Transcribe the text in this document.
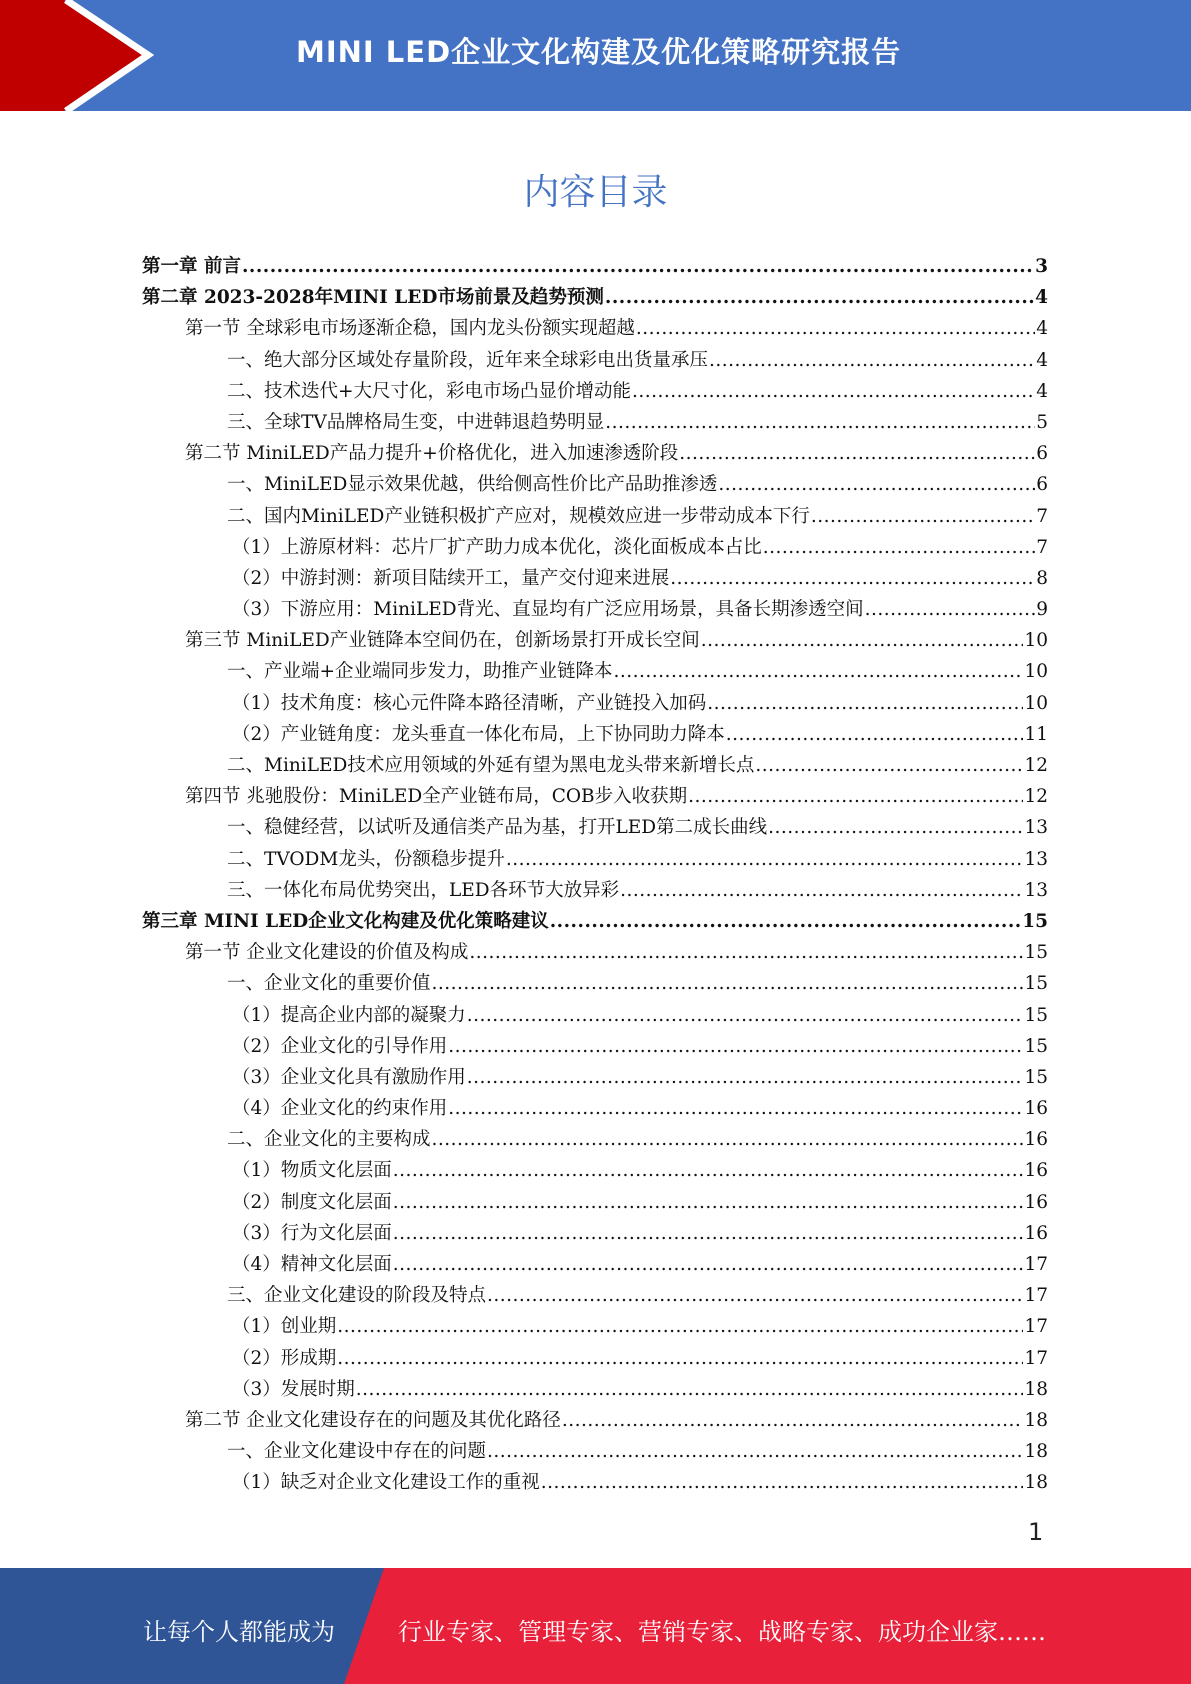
MINI LED企业文化构建及优化策略研究报告
内容目录
第一章 前言 .....	3
第二章 2023-2028年MINI LED市场前景及趋势预测 .....	4
第一节 全球彩电市场逐渐企稳，国内龙头份额实现超越 .....	4
一、绝大部分区域处存量阶段，近年来全球彩电出货量承压 .....	4
二、技术迭代+大尺寸化，彩电市场凸显价增动能 .....	4
三、全球TV品牌格局生变，中进韩退趋势明显 .....	5
第二节 MiniLED产品力提升+价格优化，进入加速渗透阶段 .....	6
一、MiniLED显示效果优越，供给侧高性价比产品助推渗透 .....	6
二、国内MiniLED产业链积极扩产应对，规模效应进一步带动成本下行 .....	7
（1）上游原材料：芯片厂扩产助力成本优化，淡化面板成本占比 .....	7
（2）中游封测：新项目陆续开工，量产交付迎来进展 .....	8
（3）下游应用：MiniLED背光、直显均有广泛应用场景，具备长期渗透空间 .....	9
第三节 MiniLED产业链降本空间仍在，创新场景打开成长空间 .....	10
一、产业端+企业端同步发力，助推产业链降本 .....	10
（1）技术角度：核心元件降本路径清晰，产业链投入加码 .....	10
（2）产业链角度：龙头垂直一体化布局，上下协同助力降本 .....	11
二、MiniLED技术应用领域的外延有望为黑电龙头带来新增长点 .....	12
第四节 兆驰股份：MiniLED全产业链布局，COB步入收获期 .....	12
一、稳健经营，以试听及通信类产品为基，打开LED第二成长曲线 .....	13
二、TVODM龙头，份额稳步提升 .....	13
三、一体化布局优势突出，LED各环节大放异彩 .....	13
第三章 MINI LED企业文化构建及优化策略建议 .....	15
第一节 企业文化建设的价值及构成 .....	15
一、企业文化的重要价值 .....	15
（1）提高企业内部的凝聚力 .....	15
（2）企业文化的引导作用 .....	15
（3）企业文化具有激励作用 .....	15
（4）企业文化的约束作用 .....	16
二、企业文化的主要构成 .....	16
（1）物质文化层面 .....	16
（2）制度文化层面 .....	16
（3）行为文化层面 .....	16
（4）精神文化层面 .....	17
三、企业文化建设的阶段及特点 .....	17
（1）创业期 .....	17
（2）形成期 .....	17
（3）发展时期 .....	18
第二节 企业文化建设存在的问题及其优化路径 .....	18
一、企业文化建设中存在的问题 .....	18
（1）缺乏对企业文化建设工作的重视 .....	18
1
让每个人都能成为	行业专家、管理专家、营销专家、战略专家、成功企业家……
